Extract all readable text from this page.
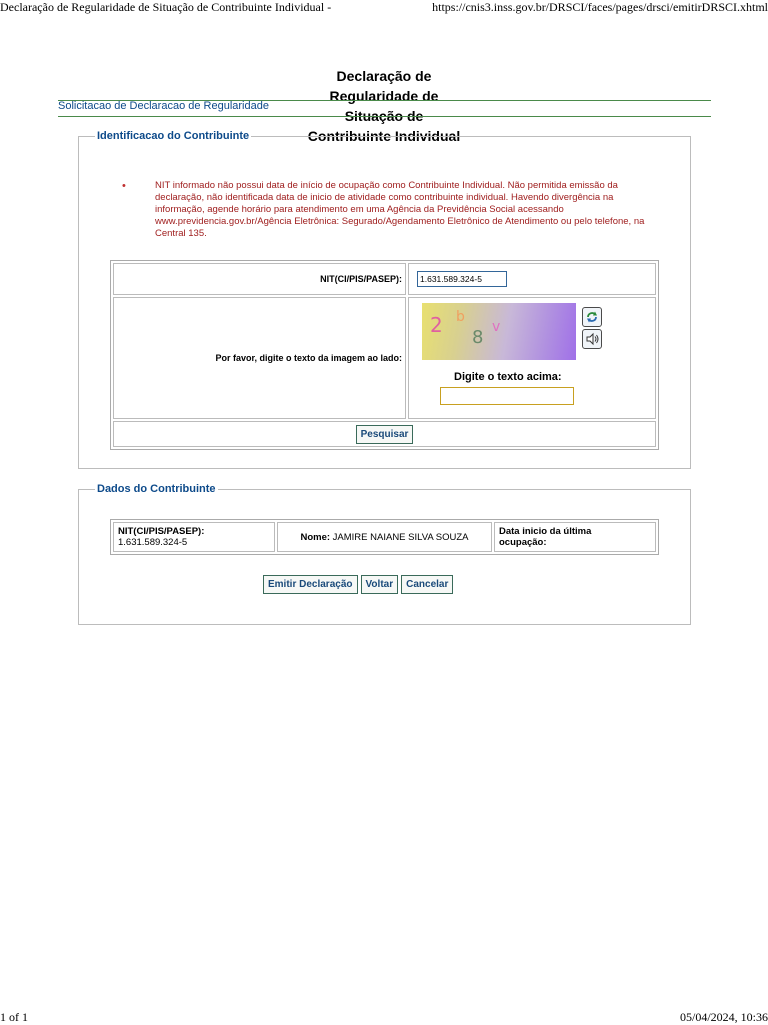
Declaração de Regularidade de Situação de Contribuinte Individual -	https://cnis3.inss.gov.br/DRSCI/faces/pages/drsci/emitirDRSCI.xhtml
Declaração de
Regularidade de
Situação de
Contribuinte Individual
Solicitacao de Declaracao de Regularidade
Identificacao do Contribuinte
• NIT informado não possui data de início de ocupação como Contribuinte Individual. Não permitida emissão da declaração, não identificada data de inicio de atividade como contribuinte individual. Havendo divergência na informação, agende horário para atendimento em uma Agência da Previdência Social acessando www.previdencia.gov.br/Agência Eletrônica: Segurado/Agendamento Eletrônico de Atendimento ou pelo telefone, na Central 135.
NIT(CI/PIS/PASEP):	
1.631.589.324-5
Por favor, digite o texto da imagem ao lado:	2 b
8 v
Digite o texto acima:

Pesquisar	
Dados do Contribuinte
NIT(CI/PIS/PASEP):
1.631.589.324-5	Nome: JAMIRE NAIANE SILVA SOUZA	Data inicio da última ocupação:
Emitir Declaração Voltar Cancelar
1 of 1	05/04/2024, 10:36
